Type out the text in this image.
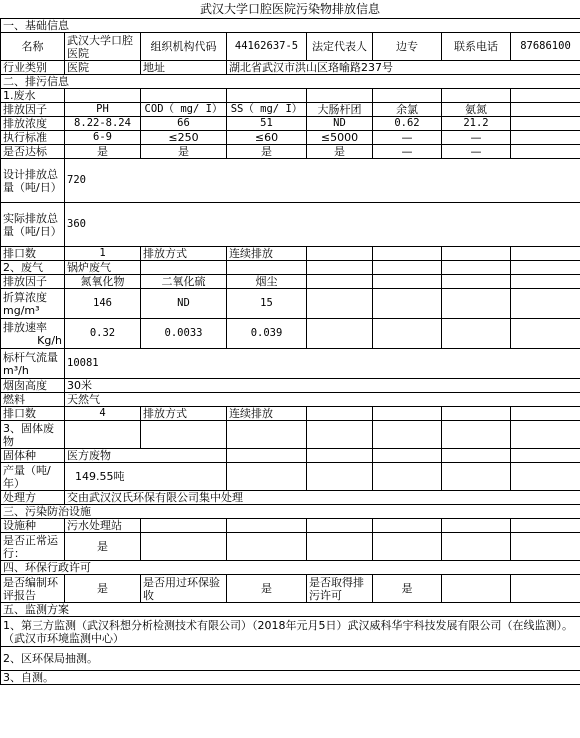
武汉大学口腔医院污染物排放信息
一、基础信息							
名称	武汉大学口腔医院	组织机构代码	44162637-5	法定代表人	边专	联系电话	87686100
行业类别	医院	地址	湖北省武汉市洪山区珞喻路237号				
二、排污信息							
1.废水							
排放因子	PH	COD（ mg/ I）	SS（ mg/ I）	大肠杆团	余氯	氨氮	
排放浓度	8.22-8.24	66	51	ND	0.62	21.2	
执行标准	6-9	≤250	≤60	≤5000	—	—	
是否达标	是	是	是	是	—	—	
设计排放总量（吨/日）	720						
实际排放总量（吨/日）	360						
排口数	1	排放方式	连续排放				
2、废气	锅炉废气						
排放因子	氮氧化物	二氧化硫	烟尘				
折算浓度
mg/m³	146	ND	15				
排放速率

Kg/h	0.32	0.0033	0.039				
标杆气流量m³/h	10081						
烟囱高度	30米						
燃料	天然气						
排口数	4	排放方式	连续排放				
3、固体废物							
固体种	医方废物						
产量（吨/年）	149.55吨						
处理方	交由武汉汉氏环保有限公司集中处理						
三、污染防治设施							
设施种	污水处理站						
是否正常运行：	是						
四、环保行政许可							
是否编制环评报告	是	是否用过环保验收	是	是否取得排污许可	是		
五、监测方案							
1、第三方监测（武汉科想分析检测技术有限公司）（2018年元月5日）武汉威科华宇科技发展有限公司（在线监测）。（武汉市环境监测中心）							
2、区环保局抽测。							
3、自测。							
